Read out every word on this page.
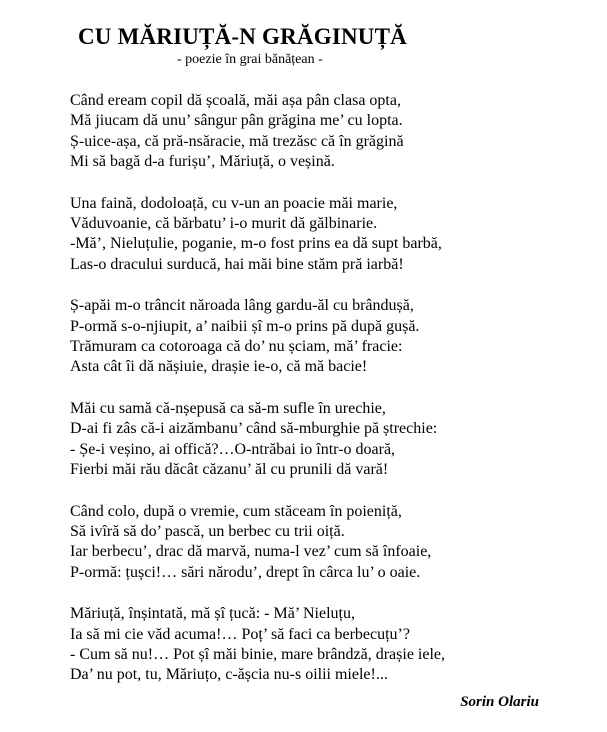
CU MĂRIUȚĂ-N GRĂGINUȚĂ
- poezie în grai bănățean -
Când eream copil dă școală, măi așa pân clasa opta,
Mă jiucam dă unu’ sângur pân grăgina me’ cu lopta.
Ș-uice-așa, că pră-nsăracie, mă trezăsc că în grăgină
Mi să bagă d-a furișu’, Măriuță, o veșină.
Una faină, dodoloață, cu v-un an poacie măi marie,
Văduvoanie, că bărbatu’ i-o murit dă gălbinarie.
-Mă’, Nieluțulie, poganie, m-o fost prins ea dă supt barbă,
Las-o dracului surducă, hai măi bine stăm pră iarbă!
Ș-apăi m-o trâncit năroada lâng gardu-ăl cu brândușă,
P-ormă s-o-njiupit, a’ naibii șî m-o prins pă după gușă.
Trămuram ca cotoroaga că do’ nu șciam, mă’ fracie:
Asta cât îi dă nășiuie, drașie ie-o, că mă bacie!
Măi cu samă că-nșepusă ca să-m sufle în urechie,
D-ai fi zâs că-i aizămbanu’ când să-mburghie pă ștrechie:
- Șe-i veșino, ai offică?…O-ntrăbai io într-o doară,
Fierbi măi rău dăcât căzanu’ ăl cu prunili dă vară!
Când colo, după o vremie, cum stăceam în poieniță,
Să ivîră să do’ pască, un berbec cu trii oiță.
Iar berbecu’, drac dă marvă, numa-l vez’ cum să înfoaie,
P-ormă: țușci!… sări nărodu’, drept în cârca lu’ o oaie.
Măriuță, înșintată, mă șî țucă: - Mă’ Nieluțu,
Ia să mi cie văd acuma!… Poț’ să faci ca berbecuțu’?
- Cum să nu!… Pot șî măi binie, mare brândză, drașie iele,
Da’ nu pot, tu, Măriuțo, c-ășcia nu-s oilii miele!...
Sorin Olariu
